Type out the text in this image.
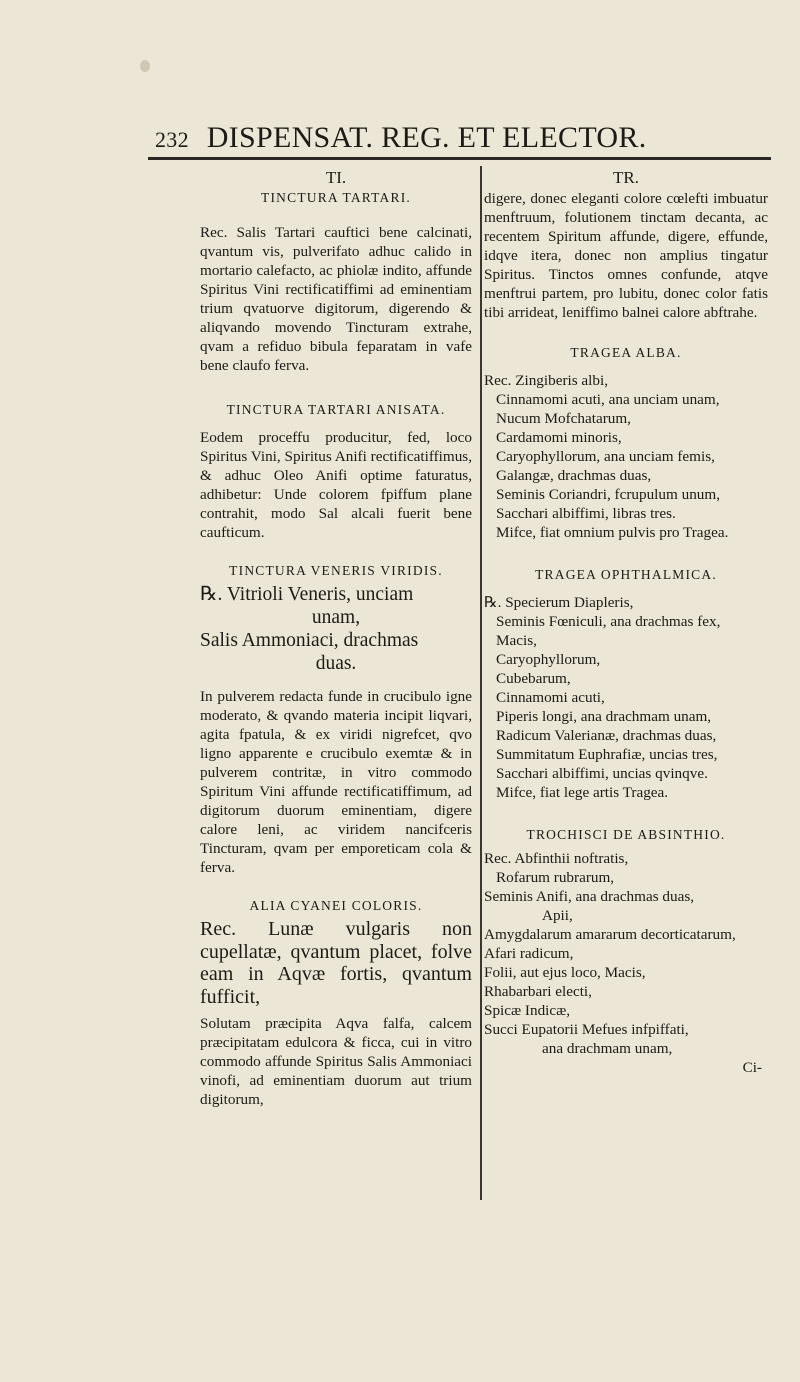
232 DISPENSAT. REG. ET ELECTOR.
TI.
TINCTURA TARTARI.

Rec. Salis Tartari cauftici bene calcinati, qvantum vis, pulverifato adhuc calido in mortario calefacto, ac phiolæ indito, affunde Spiritus Vini rectificatiffimi ad eminentiam trium qvatuorve digitorum, digerendo & aliqvando movendo Tincturam extrahe, qvam a refiduo bibula feparatam in vafe bene claufo ferva.

TINCTURA TARTARI ANISATA.

Eodem proceffu producitur, fed, loco Spiritus Vini, Spiritus Anifi rectificatiffimus, & adhuc Oleo Anifi optime faturatus, adhibetur: Unde colorem fpiffum plane contrahit, modo Sal alcali fuerit bene caufticum.

TINCTURA VENERIS VIRIDIS.
℞. Vitrioli Veneris, unciam
unam,
Salis Ammoniaci, drachmas
duas.

In pulverem redacta funde in crucibulo igne moderato, & qvando materia incipit liqvari, agita fpatula, & ex viridi nigrefcet, qvo ligno apparente e crucibulo exemtæ & in pulverem contritæ, in vitro commodo Spiritum Vini affunde rectificatiffimum, ad digitorum duorum eminentiam, digere calore leni, ac viridem nancifceris Tincturam, qvam per emporeticam cola & ferva.

ALIA CYANEI COLORIS.

Rec. Lunæ vulgaris non cupellatæ, qvantum placet, folve eam in Aqvæ fortis, qvantum fufficit,

Solutam præcipita Aqva falfa, calcem præcipitatam edulcora & ficca, cui in vitro commodo affunde Spiritus Salis Ammoniaci vinofi, ad eminentiam duorum aut trium digitorum,

TR.

digere, donec eleganti colore cœlefti imbuatur menftruum, folutionem tinctam decanta, ac recentem Spiritum affunde, digere, effunde, idqve itera, donec non amplius tingatur Spiritus. Tinctos omnes confunde, atqve menftrui partem, pro lubitu, donec color fatis tibi arrideat, leniffimo balnei calore abftrahe.

TRAGEA ALBA.
Rec. Zingiberis albi,
Cinnamomi acuti, ana unciam unam,
Nucum Mofchatarum,
Cardamomi minoris,
Caryophyllorum, ana unciam femis,
Galangæ, drachmas duas,
Seminis Coriandri, fcrupulum unum,
Sacchari albiffimi, libras tres.
Mifce, fiat omnium pulvis pro Tragea.
TRAGEA OPHTHALMICA.
℞. Specierum Diapleris,
Seminis Fœniculi, ana drachmas fex,
Macis,
Caryophyllorum,
Cubebarum,
Cinnamomi acuti,
Piperis longi, ana drachmam unam,
Radicum Valerianæ, drachmas duas,
Summitatum Euphrafiæ, uncias tres,
Sacchari albiffimi, uncias qvinqve.
Mifce, fiat lege artis Tragea.
TROCHISCI DE ABSINTHIO.
Rec. Abfinthii noftratis,
Rofarum rubrarum,
Seminis Anifi, ana drachmas duas,
Apii,
Amygdalarum amararum decorticatarum,
Afari radicum,
Folii, aut ejus loco, Macis,
Rhabarbari electi,
Spicæ Indicæ,
Succi Eupatorii Mefues infpiffati,
ana drachmam unam,
Ci-
